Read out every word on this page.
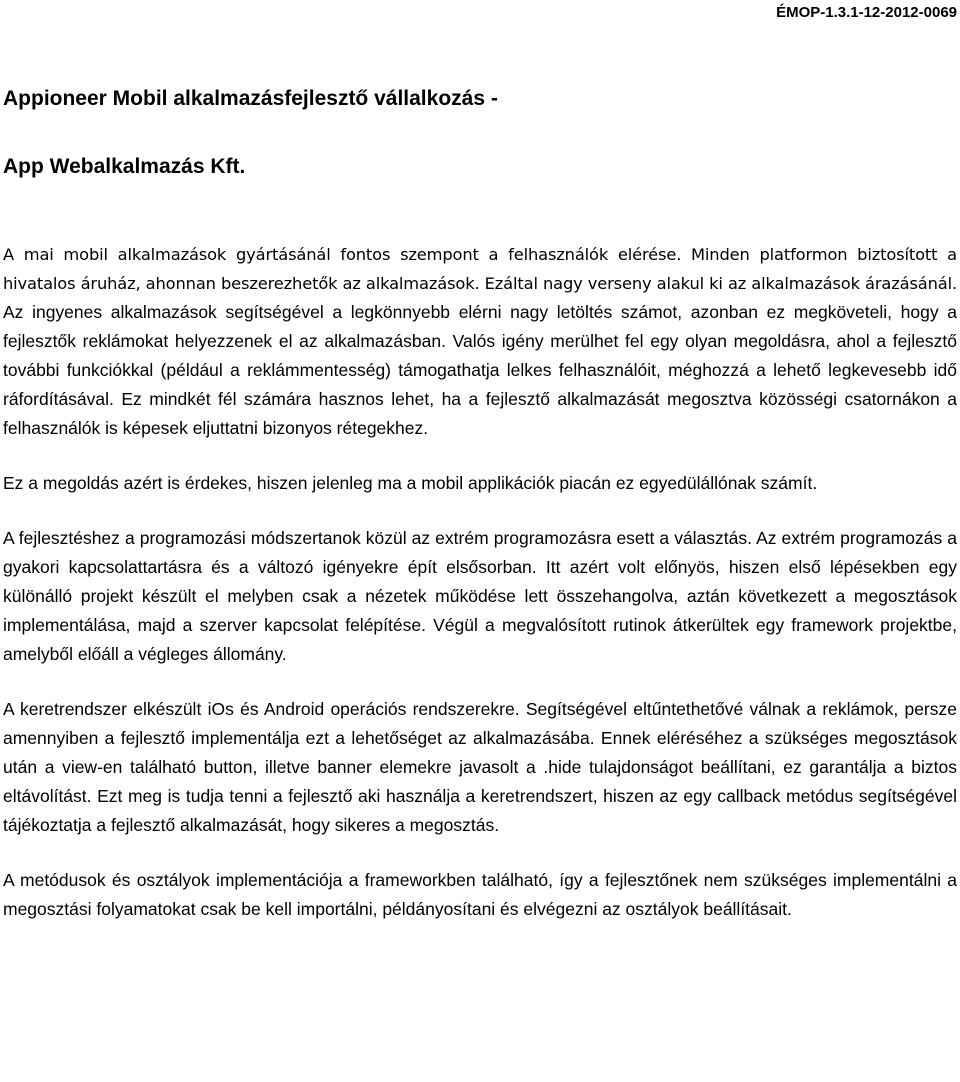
ÉMOP-1.3.1-12-2012-0069
Appioneer Mobil alkalmazásfejlesztő vállalkozás -
App Webalkalmazás Kft.

A mai mobil alkalmazások gyártásánál fontos szempont a felhasználók elérése. Minden platformon biztosított a hivatalos áruház, ahonnan beszerezhetők az alkalmazások. Ezáltal nagy verseny alakul ki az alkalmazások árazásánál. Az ingyenes alkalmazások segítségével a legkönnyebb elérni nagy letöltés számot, azonban ez megköveteli, hogy a fejlesztők reklámokat helyezzenek el az alkalmazásban. Valós igény merülhet fel egy olyan megoldásra, ahol a fejlesztő további funkciókkal (például a reklámmentesség) támogathatja lelkes felhasználóit, méghozzá a lehető legkevesebb idő ráfordításával. Ez mindkét fél számára hasznos lehet, ha a fejlesztő alkalmazását megosztva közösségi csatornákon a felhasználók is képesek eljuttatni bizonyos rétegekhez.

Ez a megoldás azért is érdekes, hiszen jelenleg ma a mobil applikációk piacán ez egyedülállónak számít.

A fejlesztéshez a programozási módszertanok közül az extrém programozásra esett a választás. Az extrém programozás a gyakori kapcsolattartásra és a változó igényekre épít elsősorban. Itt azért volt előnyös, hiszen első lépésekben egy különálló projekt készült el melyben csak a nézetek működése lett összehangolva, aztán következett a megosztások implementálása, majd a szerver kapcsolat felépítése. Végül a megvalósított rutinok átkerültek egy framework projektbe, amelyből előáll a végleges állomány.

A keretrendszer elkészült iOs és Android operációs rendszerekre. Segítségével eltűntethetővé válnak a reklámok, persze amennyiben a fejlesztő implementálja ezt a lehetőséget az alkalmazásába. Ennek eléréséhez a szükséges megosztások után a view-en található button, illetve banner elemekre javasolt a .hide tulajdonságot beállítani, ez garantálja a biztos eltávolítást. Ezt meg is tudja tenni a fejlesztő aki használja a keretrendszert, hiszen az egy callback metódus segítségével tájékoztatja a fejlesztő alkalmazását, hogy sikeres a megosztás.

A metódusok és osztályok implementációja a frameworkben található, így a fejlesztőnek nem szükséges implementálni a megosztási folyamatokat csak be kell importálni, példányosítani és elvégezni az osztályok beállításait.
